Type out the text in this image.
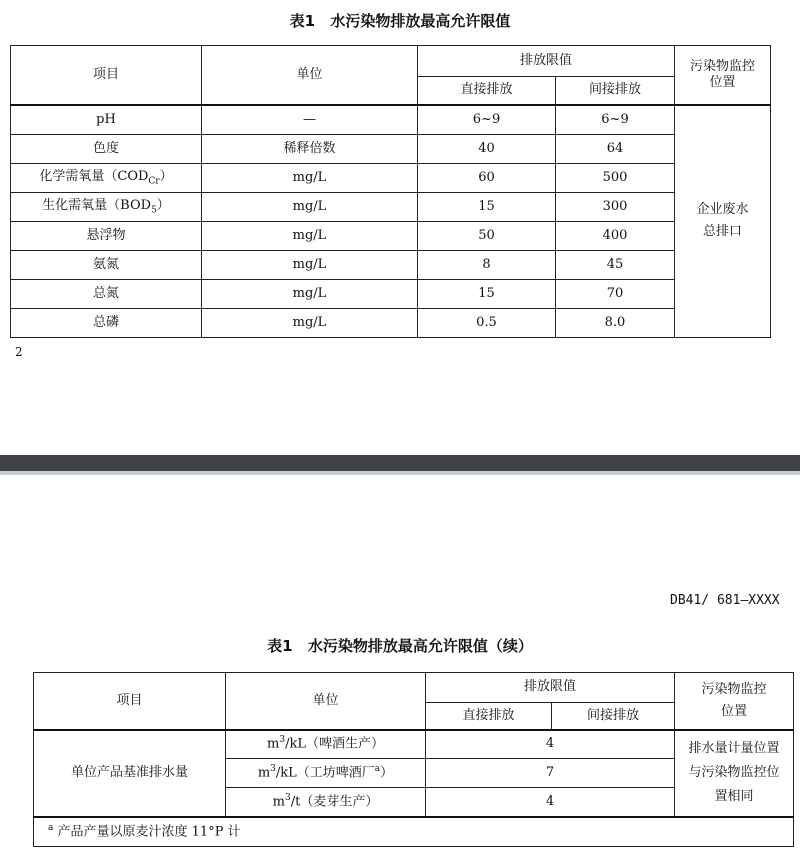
表1 水污染物排放最高允许限值
项目	单位	排放限值		污染物监控
位置

		直接排放	间接排放	
pH	—	6~9	6~9	企业废水
总排口

色度	稀释倍数	40	64	
化学需氧量$(COD_{Cr})$	mg/L	60	500	
生化需氧量$(BOD_5)$	mg/L	15	300	
悬浮物	mg/L	50	400	
氨氮	mg/L	8	45	
总氮	mg/L	15	70	
总磷	mg/L	0.5	8.0	
2
DB41/ 681—XXXX
表1 水污染物排放最高允许限值（续）
项目	单位	排放限值		污染物监控
位置

		直接排放	间接排放	
单位产品基准排水量	$m^3/kL$（啤酒生产）	4		排水量计量位置
与污染物监控位
置相同

	$m^3/kL$（工坊啤酒厂$^a$）	7		
	$m^3/t$（麦芽生产）	4		
$^a$ 产品产量以原麦汁浓度 11°P 计				
